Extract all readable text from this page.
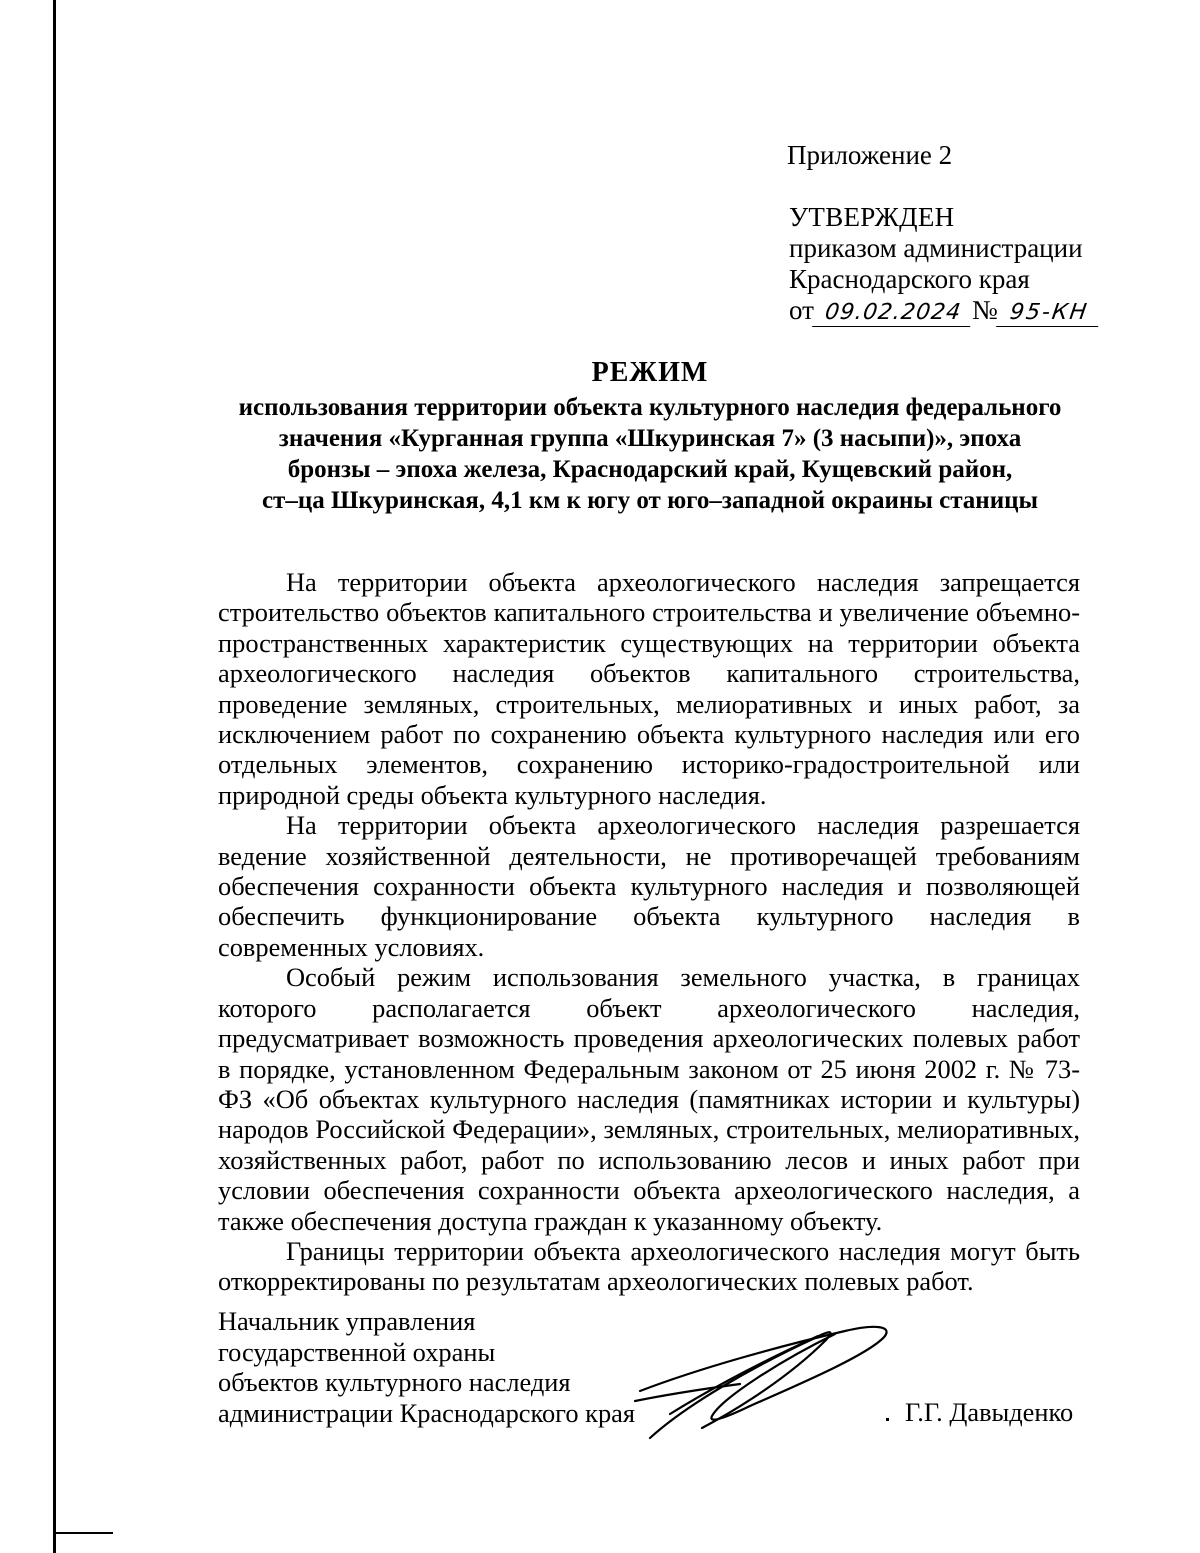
Приложение 2
УТВЕРЖДЕН
приказом администрации
Краснодарского края
от 09.02.2024 № 95-КН
РЕЖИМ
использования территории объекта культурного наследия федерального
значения «Курганная группа «Шкуринская 7» (3 насыпи)», эпоха
бронзы – эпоха железа, Краснодарский край, Кущевский район,
ст–ца Шкуринская, 4,1 км к югу от юго–западной окраины станицы

На территории объекта археологического наследия запрещается строительство объектов капитального строительства и увеличение объемно-пространственных характеристик существующих на территории объекта археологического наследия объектов капитального строительства, проведение земляных, строительных, мелиоративных и иных работ, за исключением работ по сохранению объекта культурного наследия или его отдельных элементов, сохранению историко-градостроительной или природной среды объекта культурного наследия.

На территории объекта археологического наследия разрешается ведение хозяйственной деятельности, не противоречащей требованиям обеспечения сохранности объекта культурного наследия и позволяющей обеспечить функционирование объекта культурного наследия в современных условиях.

Особый режим использования земельного участка, в границах которого располагается объект археологического наследия, предусматривает возможность проведения археологических полевых работ в порядке, установленном Федеральным законом от 25 июня 2002 г. № 73-ФЗ «Об объектах культурного наследия (памятниках истории и культуры) народов Российской Федерации», земляных, строительных, мелиоративных, хозяйственных работ, работ по использованию лесов и иных работ при условии обеспечения сохранности объекта археологического наследия, а также обеспечения доступа граждан к указанному объекту.

Границы территории объекта археологического наследия могут быть откорректированы по результатам археологических полевых работ.

Начальник управления
государственной охраны
объектов культурного наследия
администрации Краснодарского края	Г.Г. Давыденко
